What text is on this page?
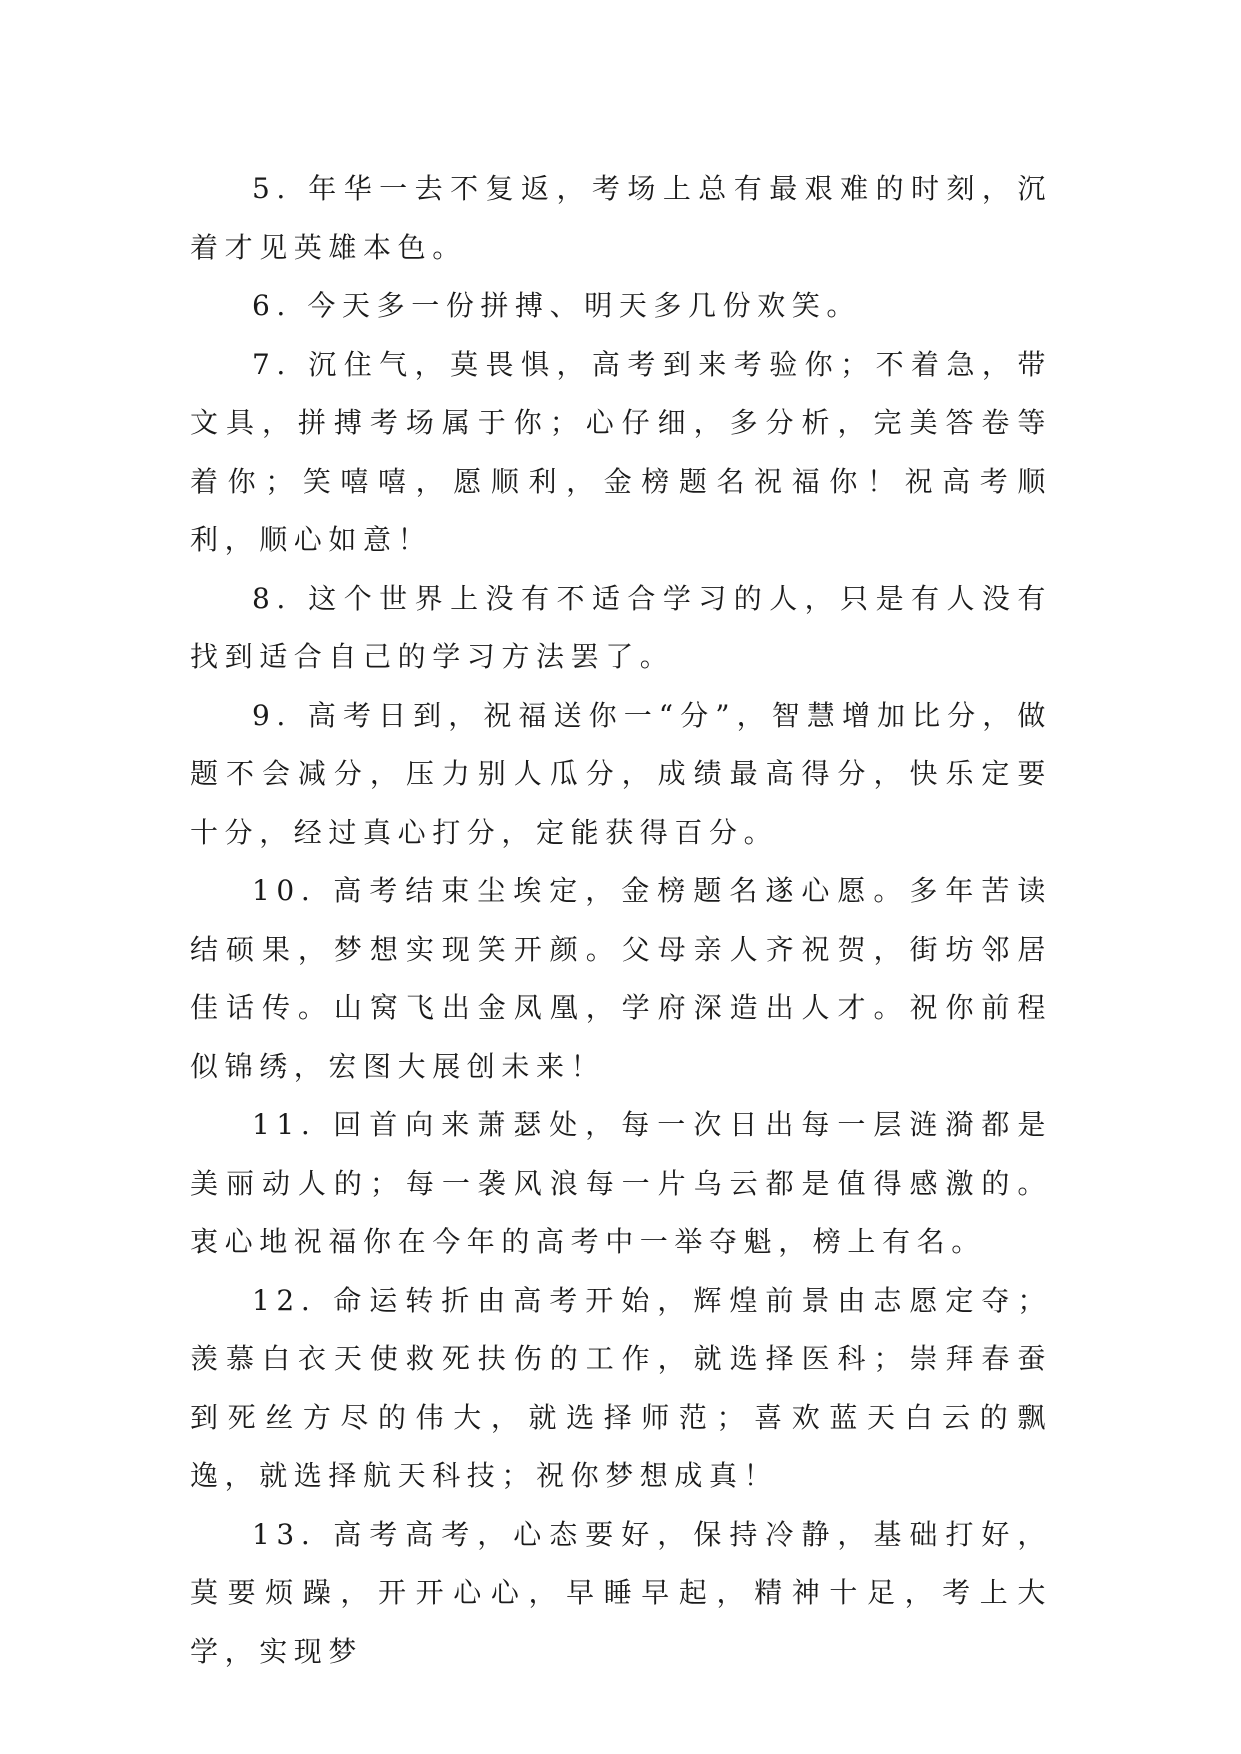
5. 年华一去不复返，考场上总有最艰难的时刻，沉着才见英雄本色。

6. 今天多一份拼搏、明天多几份欢笑。

7. 沉住气，莫畏惧，高考到来考验你；不着急，带文具，拼搏考场属于你；心仔细，多分析，完美答卷等着你；笑嘻嘻，愿顺利，金榜题名祝福你！祝高考顺利，顺心如意！

8. 这个世界上没有不适合学习的人，只是有人没有找到适合自己的学习方法罢了。

9. 高考日到，祝福送你一“分”，智慧增加比分，做题不会减分，压力别人瓜分，成绩最高得分，快乐定要十分，经过真心打分，定能获得百分。

10. 高考结束尘埃定，金榜题名遂心愿。多年苦读结硕果，梦想实现笑开颜。父母亲人齐祝贺，街坊邻居佳话传。山窝飞出金凤凰，学府深造出人才。祝你前程似锦绣，宏图大展创未来！

11. 回首向来萧瑟处，每一次日出每一层涟漪都是美丽动人的；每一袭风浪每一片乌云都是值得感激的。衷心地祝福你在今年的高考中一举夺魁，榜上有名。

12. 命运转折由高考开始，辉煌前景由志愿定夺；羡慕白衣天使救死扶伤的工作，就选择医科；崇拜春蚕到死丝方尽的伟大，就选择师范；喜欢蓝天白云的飘逸，就选择航天科技；祝你梦想成真！

13. 高考高考，心态要好，保持冷静，基础打好，莫要烦躁，开开心心，早睡早起，精神十足，考上大学，实现梦
